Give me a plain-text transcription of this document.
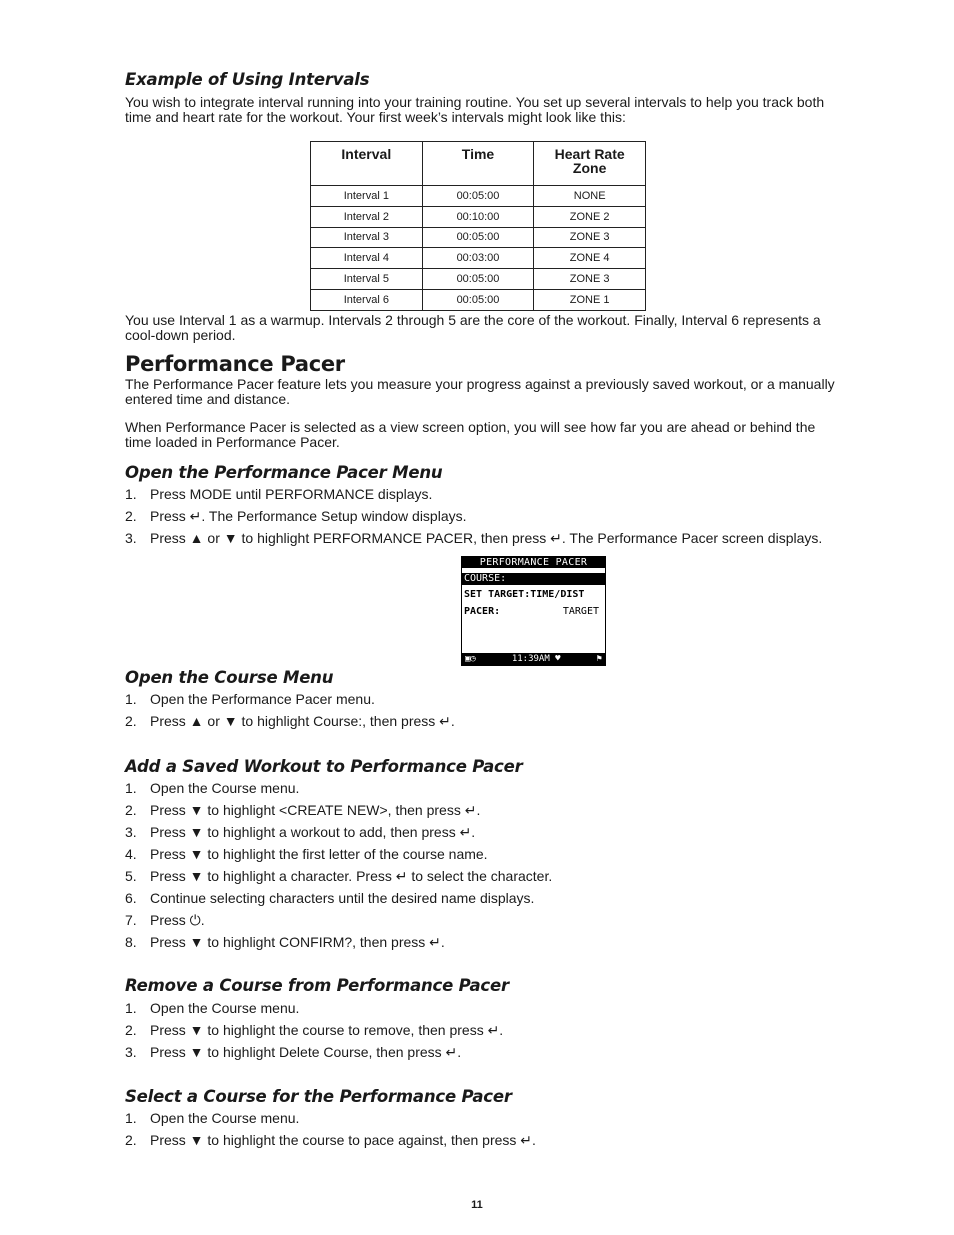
Example of Using Intervals

You wish to integrate interval running into your training routine. You set up several intervals to help you track both time and heart rate for the workout. Your first week’s intervals might look like this:

Interval	Time	Heart Rate Zone
Interval 1	00:05:00	NONE
Interval 2	00:10:00	ZONE 2
Interval 3	00:05:00	ZONE 3
Interval 4	00:03:00	ZONE 4
Interval 5	00:05:00	ZONE 3
Interval 6	00:05:00	ZONE 1

You use Interval 1 as a warmup. Intervals 2 through 5 are the core of the workout. Finally, Interval 6 represents a cool-down period.

Performance Pacer

The Performance Pacer feature lets you measure your progress against a previously saved workout, or a manually entered time and distance.

When Performance Pacer is selected as a view screen option, you will see how far you are ahead or behind the time loaded in Performance Pacer.

Open the Performance Pacer Menu
1. Press MODE until PERFORMANCE displays.
2. Press ↵. The Performance Setup window displays.
3. Press ▲ or ▼ to highlight PERFORMANCE PACER, then press ↵. The Performance Pacer screen displays.
PERFORMANCE PACER
COURSE:
SET TARGET:TIME/DIST
PACER:	TARGET
▣◷	11:39AM ♥	⚑
Open the Course Menu
1. Open the Performance Pacer menu.
2. Press ▲ or ▼ to highlight Course:, then press ↵.
Add a Saved Workout to Performance Pacer
1. Open the Course menu.
2. Press ▼ to highlight <CREATE NEW>, then press ↵.
3. Press ▼ to highlight a workout to add, then press ↵.
4. Press ▼ to highlight the first letter of the course name.
5. Press ▼ to highlight a character. Press ↵ to select the character.
6. Continue selecting characters until the desired name displays.
7. Press ⏻.
8. Press ▼ to highlight CONFIRM?, then press ↵.
Remove a Course from Performance Pacer
1. Open the Course menu.
2. Press ▼ to highlight the course to remove, then press ↵.
3. Press ▼ to highlight Delete Course, then press ↵.
Select a Course for the Performance Pacer
1. Open the Course menu.
2. Press ▼ to highlight the course to pace against, then press ↵.
11
